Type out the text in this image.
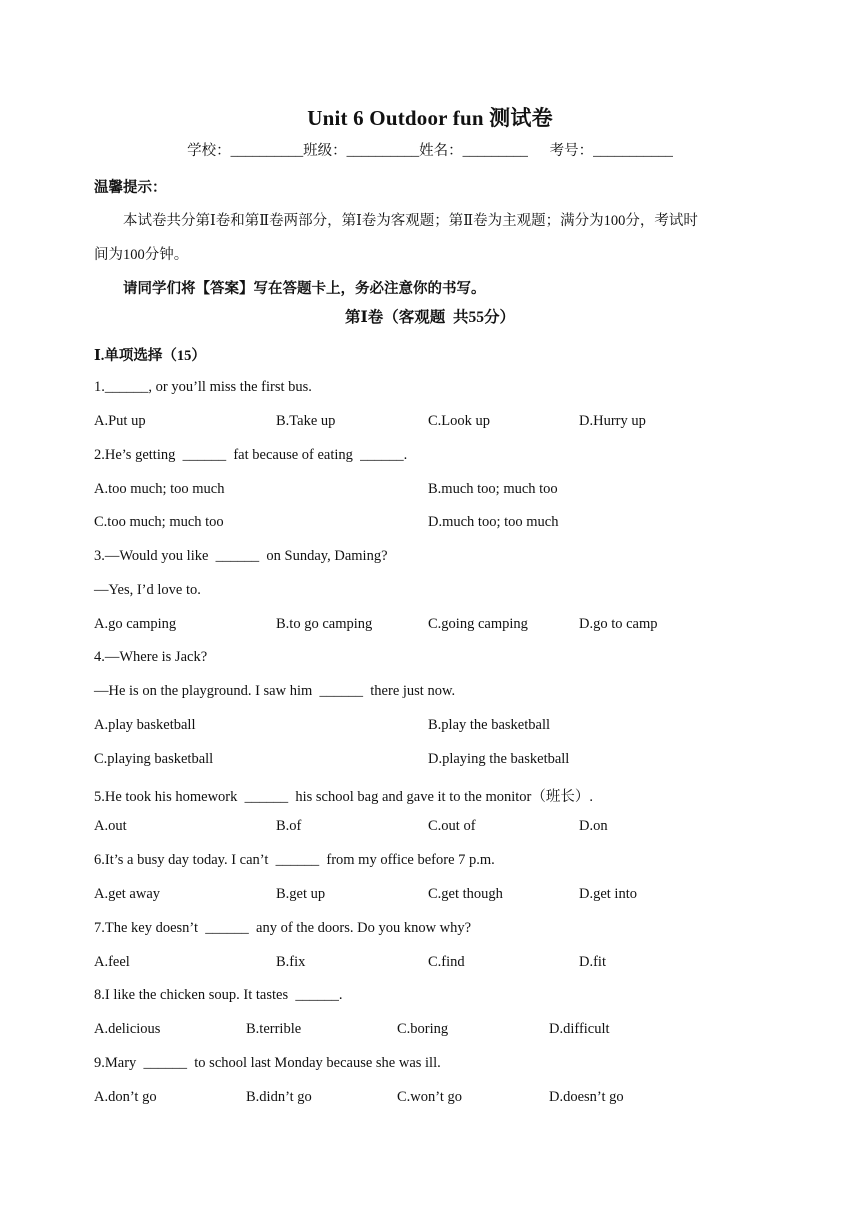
Unit 6 Outdoor fun 测试卷
学校：__________班级：__________姓名：_________      考号：___________
温馨提示：
本试卷共分第Ⅰ卷和第Ⅱ卷两部分，第Ⅰ卷为客观题；第Ⅱ卷为主观题；满分为100分，考试时
间为100分钟。
请同学们将【答案】写在答题卡上，务必注意你的书写。
第Ⅰ卷（客观题  共55分）
Ⅰ.单项选择（15）
1.______, or you’ll miss the first bus.
A.Put up	B.Take up	C.Look up	D.Hurry up
2.He’s getting  ______  fat because of eating  ______.
A.too much; too much	B.much too; much too
C.too much; much too	D.much too; too much
3.—Would you like  ______  on Sunday, Daming?
—Yes, I’d love to.
A.go camping	B.to go camping	C.going camping	D.go to camp
4.—Where is Jack?
—He is on the playground. I saw him  ______  there just now.
A.play basketball	B.play the basketball
C.playing basketball	D.playing the basketball
5.He took his homework  ______  his school bag and gave it to the monitor（班长）.
A.out	B.of	C.out of	D.on
6.It’s a busy day today. I can’t  ______  from my office before 7 p.m.
A.get away	B.get up	C.get though	D.get into
7.The key doesn’t  ______  any of the doors. Do you know why?
A.feel	B.fix	C.find	D.fit
8.I like the chicken soup. It tastes  ______.
A.delicious	B.terrible	C.boring	D.difficult
9.Mary  ______  to school last Monday because she was ill.
A.don’t go	B.didn’t go	C.won’t go	D.doesn’t go
